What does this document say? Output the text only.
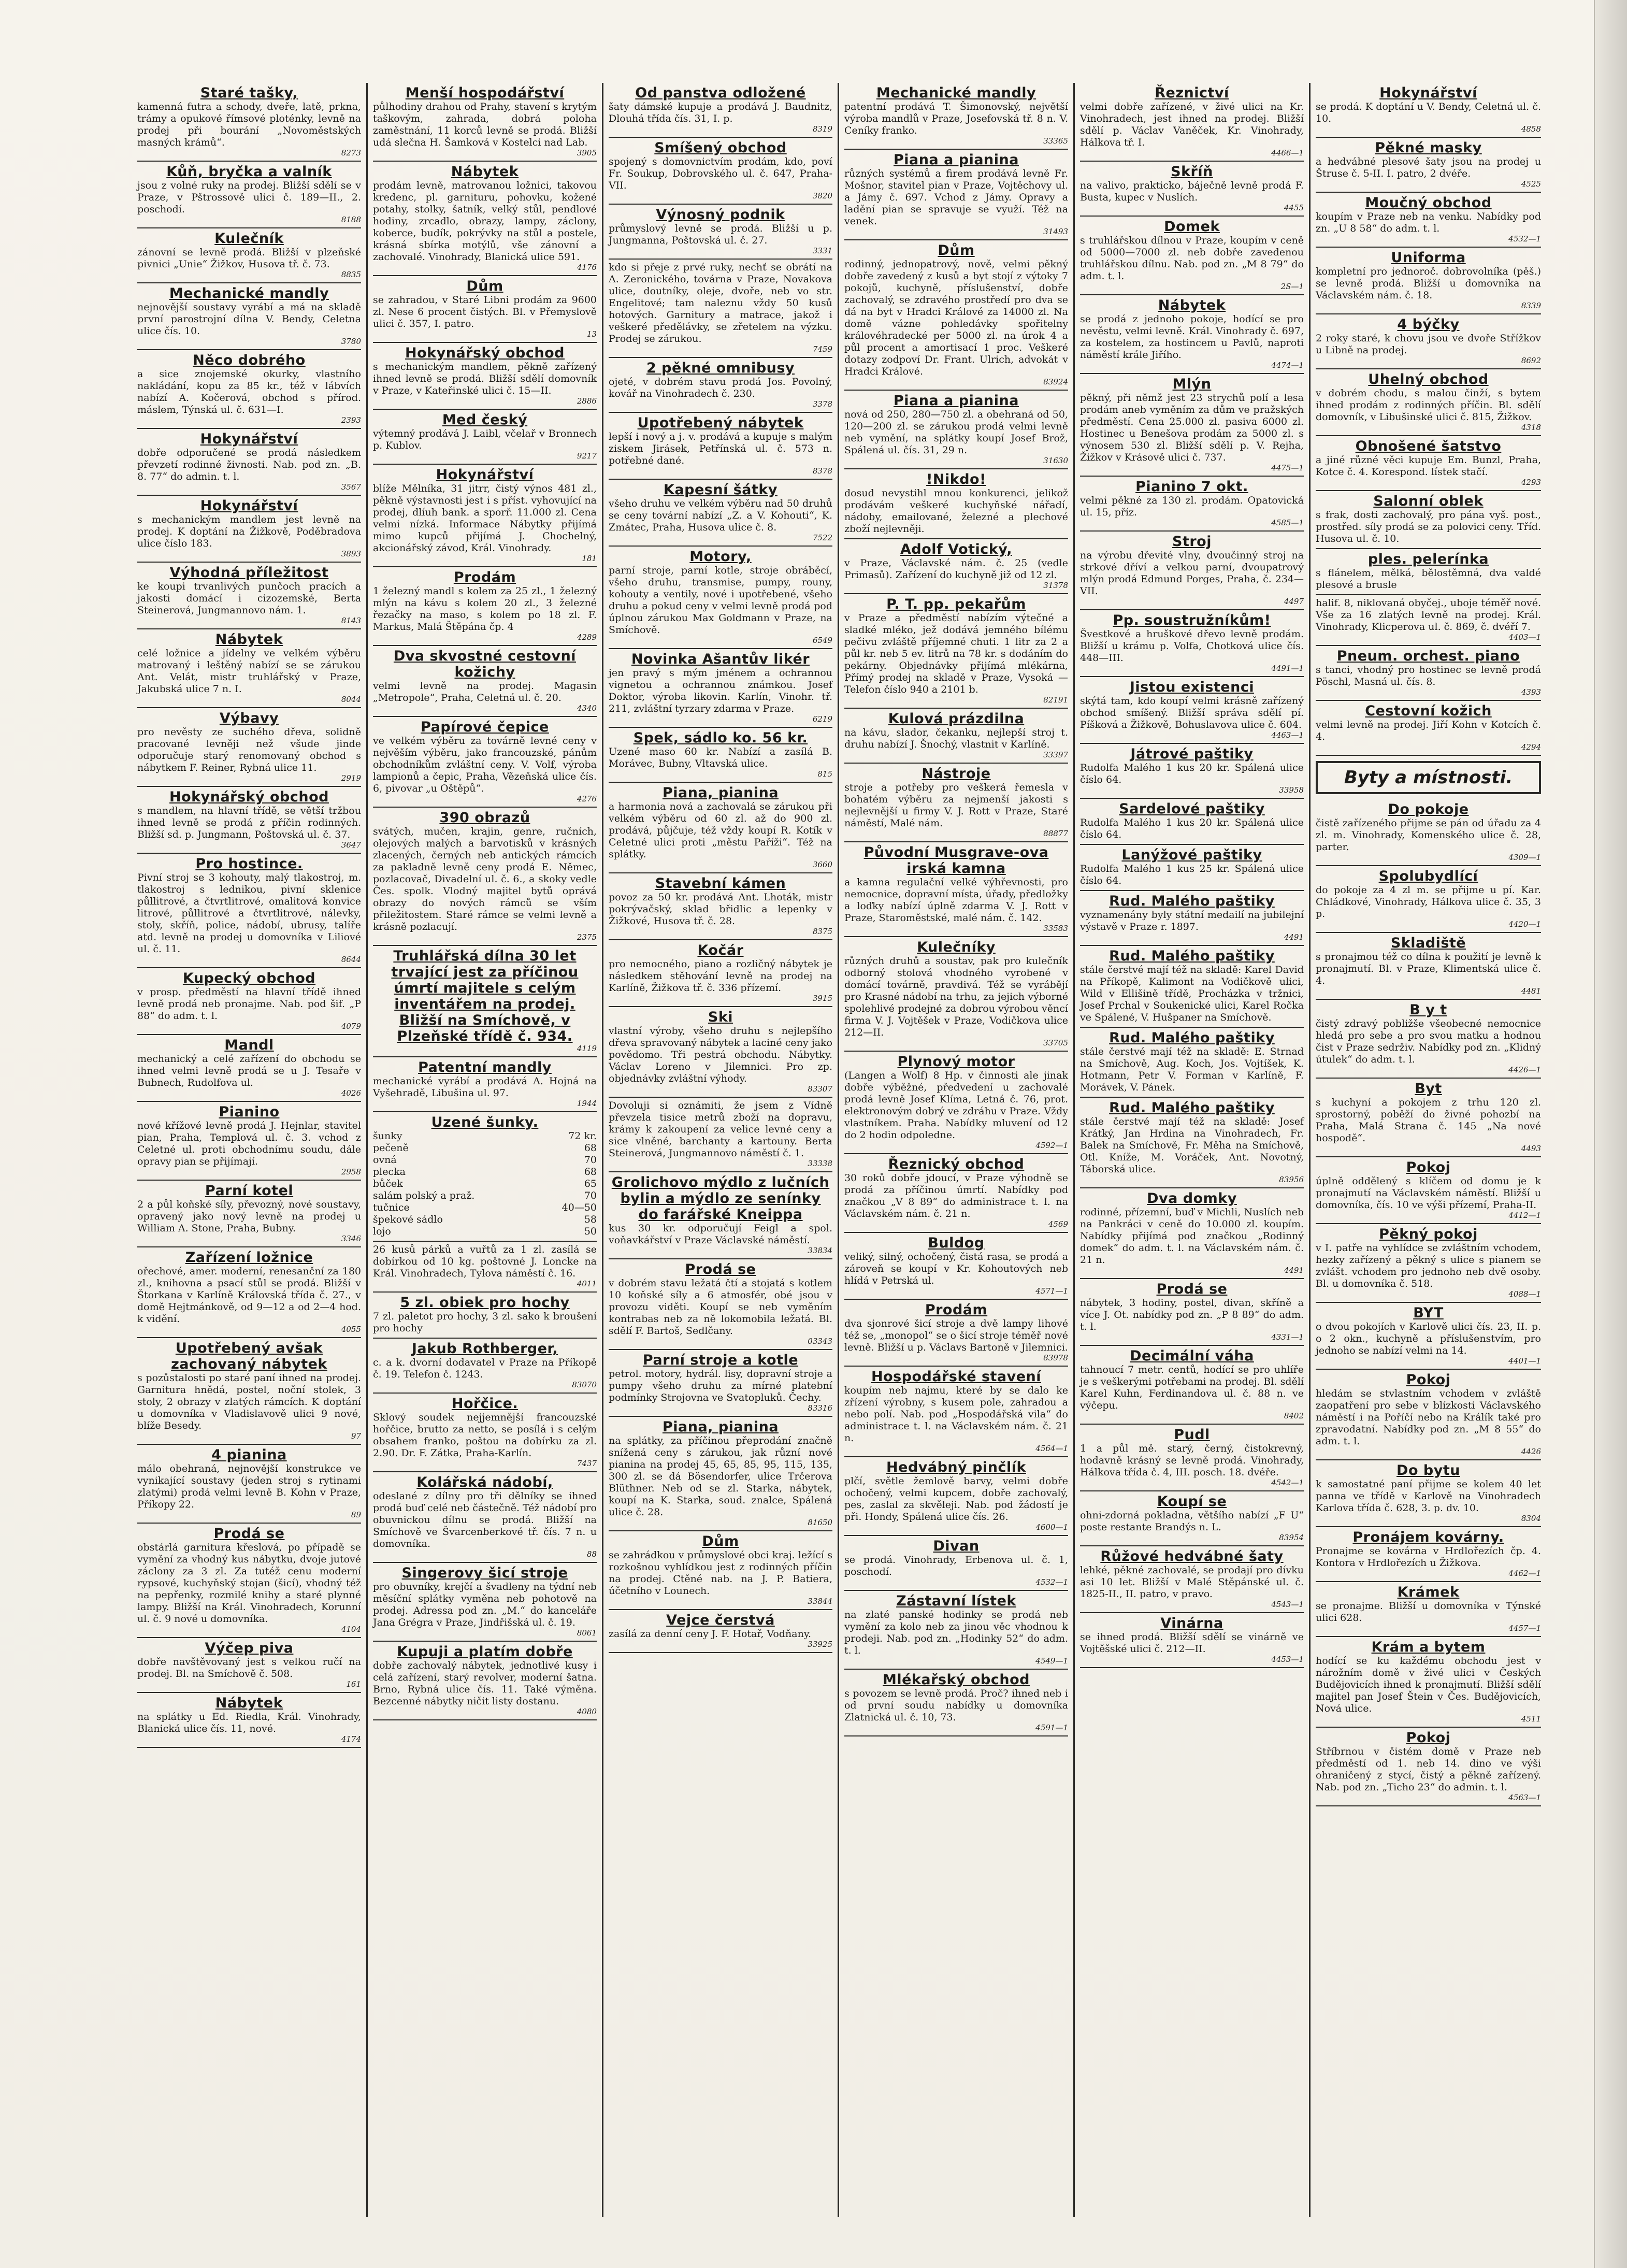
Staré tašky,
kamenná futra a schody, dveře, latě, prkna, trámy a opukové římsové ploténky, levně na prodej při bourání „Novoměstských masných krámů“.
8273
Kůň, bryčka a valník
jsou z volné ruky na prodej. Bližší sdělí se v Praze, v Pštrossově ulici č. 189—II., 2. poschodí.
8188
Kulečník
zánovní se levně prodá. Bližší v plzeňské pivnici „Unie“ Žižkov, Husova tř. č. 73.
8835
Mechanické mandly
nejnovější soustavy vyrábí a má na skladě první parostrojní dílna V. Bendy, Celetna ulice čís. 10.
3780
Něco dobrého
a sice znojemské okurky, vlastního nakládání, kopu za 85 kr., též v lábvích nabízí A. Kočerová, obchod s přírod. máslem, Týnská ul. č. 631—I.
2393
Hokynářství
dobře odporučené se prodá následkem převzetí rodinné živnosti. Nab. pod zn. „B. 8. 77“ do admin. t. l.
3567
Hokynářství
s mechanickým mandlem jest levně na prodej. K doptání na Žižkově, Poděbradova ulice číslo 183.
3893
Výhodná příležitost
ke koupi trvanlivých punčoch pracích a jakosti domácí i cizozemské, Berta Steinerová, Jungmannovo nám. 1.
8143
Nábytek
celé ložnice a jídelny ve velkém výběru matrovaný i leštěný nabízí se se zárukou Ant. Velát, mistr truhlářský v Praze, Jakubská ulice 7 n. I.
8044
Výbavy
pro nevěsty ze suchého dřeva, solidně pracované levněji než všude jinde odporučuje starý renomovaný obchod s nábytkem F. Reiner, Rybná ulice 11.
2919
Hokynářský obchod
s mandlem, na hlavní třídě, se větší tržbou ihned levně se prodá z příčin rodinných. Bližší sd. p. Jungmann, Poštovská ul. č. 37.
3647
Pro hostince.
Pivní stroj se 3 kohouty, malý tlakostroj, m. tlakostroj s lednikou, pivní sklenice půllitrové, a čtvrtlitrové, omalitová konvice litrové, půllitrové a čtvrtlitrové, nálevky, stoly, skříň, police, nádobí, ubrusy, talíře atd. levně na prodej u domovníka v Liliové ul. č. 11.
8644
Kupecký obchod
v prosp. předměstí na hlavní třídě ihned levně prodá neb pronajme. Nab. pod šif. „P 88“ do adm. t. l.
4079
Mandl
mechanický a celé zařízení do obchodu se ihned velmi levně prodá se u J. Tesaře v Bubnech, Rudolfova ul.
4026
Pianino
nové křížové levně prodá J. Hejnlar, stavitel pian, Praha, Templová ul. č. 3. vchod z Celetné ul. proti obchodnímu soudu, dále opravy pian se přijímají.
2958
Parní kotel
2 a půl koňské síly, převozný, nové soustavy, opravený jako nový levně na prodej u William A. Stone, Praha, Bubny.
3346
Zařízení ložnice
ořechové, amer. moderní, renesanční za 180 zl., knihovna a psací stůl se prodá. Bližší v Štorkana v Karlíně Královská třída č. 27., v domě Hejtmánkově, od 9—12 a od 2—4 hod. k vidění.
4055
Upotřebený avšak zachovaný nábytek
s pozůstalosti po staré paní ihned na prodej. Garnitura hnědá, postel, noční stolek, 3 stoly, 2 obrazy v zlatých rámcích. K doptání u domovníka v Vladislavově ulici 9 nové, blíže Besedy.
97
4 pianina
málo obehraná, nejnovější konstrukce ve vynikající soustavy (jeden stroj s rytinami zlatými) prodá velmi levně B. Kohn v Praze, Příkopy 22.
89
Prodá se
obstárlá garnitura křeslová, po případě se vymění za vhodný kus nábytku, dvoje jutové záclony za 3 zl. Za tutéž cenu moderní rypsové, kuchyňský stojan (šicí), vhodný též na pepřenky, rozmilé knihy a staré plynné lampy. Bližší na Král. Vinohradech, Korunní ul. č. 9 nové u domovníka.
4104
Výčep piva
dobře navštěvovaný jest s velkou ručí na prodej. Bl. na Smíchově č. 508.
161
Nábytek
na splátky u Ed. Riedla, Král. Vinohrady, Blanická ulice čís. 11, nové.
4174
Menší hospodářství
půlhodiny drahou od Prahy, stavení s krytým taškovým, zahrada, dobrá poloha zaměstnání, 11 korců levně se prodá. Bližší udá slečna H. Šamková v Kostelci nad Lab.
3905
Nábytek
prodám levně, matrovanou ložnici, takovou kredenc, pl. garnituru, pohovku, kožené potahy, stolky, šatník, velký stůl, pendlové hodiny, zrcadlo, obrazy, lampy, záclony, koberce, budík, pokrývky na stůl a postele, krásná sbírka motýlů, vše zánovní a zachovalé. Vinohrady, Blanická ulice 591.
4176
Dům
se zahradou, v Staré Libni prodám za 9600 zl. Nese 6 procent čistých. Bl. v Přemyslově ulici č. 357, I. patro.
13
Hokynářský obchod
s mechanickým mandlem, pěkně zařízený ihned levně se prodá. Bližší sdělí domovník v Praze, v Kateřinské ulici č. 15—II.
2886
Med český
výtemný prodává J. Laibl, včelař v Bronnech p. Kublov.
9217
Hokynářství
blíže Mělníka, 31 jitrr, čistý výnos 481 zl., pěkně výstavnosti jest i s příst. vyhovující na prodej, dlíuh bank. a sporř. 11.000 zl. Cena velmi nízká. Informace Nábytky přijímá mimo kupců přijímá J. Chochelný, akcionářský závod, Král. Vinohrady.
181
Prodám
1 železný mandl s kolem za 25 zl., 1 železný mlýn na kávu s kolem 20 zl., 3 železné řezačky na maso, s kolem po 18 zl. F. Markus, Malá Štěpána čp. 4
4289
Dva skvostné cestovní kožichy
velmi levně na prodej. Magasin „Metropole“, Praha, Celetná ul. č. 20.
4340
Papírové čepice
ve velkém výběru za továrně levné ceny v nejvěším výběru, jako francouzské, pánům obchodníkům zvláštní ceny. V. Volf, výroba lampionů a čepic, Praha, Vězeňská ulice čís. 6, pivovar „u Oštěpů“.
4276
390 obrazů
svátých, mučen, krajin, genre, ručních, olejových malých a barvotisků v krásných zlacených, černých neb antických rámcích za pakladně levně ceny prodá E. Němec, pozlacovač, Divadelní ul. č. 6., a skoky vedle Čes. spolk. Vlodný majitel bytů oprává obrazy do nových rámců se vším přiležitostem. Staré rámce se velmi levně a krásně pozlacují.
2375
Truhlářská dílna 30 let trvající jest za příčinou úmrtí majitele s celým inventářem na prodej. Bližší na Smíchově, v Plzeňské třídě č. 934.
4119
Patentní mandly
mechanické vyrábí a prodává A. Hojná na Vyšehradě, Libušina ul. 97.
1944
Uzené šunky.
šunky	72 kr.
pečeně	68
ovná	70
plecka	68
bůček	65
salám polský a praž.	70
tučnice	40—50
špekové sádlo	58
lojo	50
26 kusů párků a vuřtů za 1 zl. zasílá se dobírkou od 10 kg. poštovné J. Loncke na Král. Vinohradech, Tylova náměstí č. 16.
4011
5 zl. obiek pro hochy
7 zl. paletot pro hochy, 3 zl. sako k broušení pro hochy
Jakub Rothberger,
c. a k. dvorní dodavatel v Praze na Příkopě č. 19. Telefon č. 1243.
83070
Hořčice.
Sklový soudek nejjemnější francouzské hořčice, brutto za netto, se posílá i s celým obsahem franko, poštou na dobírku za zl. 2.90. Dr. F. Zátka, Praha-Karlín.
7437
Kolářská nádobí,
odeslané z dílny pro tři dělníky se ihned prodá buď celé neb částečně. Též nádobí pro obuvnickou dílnu se prodá. Bližší na Smíchově ve Švarcenberkové tř. čís. 7 n. u domovníka.
88
Singerovy šicí stroje
pro obuvníky, krejčí a švadleny na týdní neb měsíční splátky vyměna neb pohotově na prodej. Adressa pod zn. „M.“ do kanceláře Jana Grégra v Praze, Jindřišská ul. č. 19.
8061
Kupuji a platím dobře
dobře zachovalý nábytek, jednotlivé kusy i celá zařízení, starý revolver, moderní šatna. Brno, Rybná ulice čís. 11. Také výměna. Bezcenné nábytky ničit listy dostanu.
4080
Od panstva odložené
šaty dámské kupuje a prodává J. Baudnitz, Dlouhá třída čís. 31, I. p.
8319
Smíšený obchod
spojený s domovnictvím prodám, kdo, poví Fr. Soukup, Dobrovského ul. č. 647, Praha-VII.
3820
Výnosný podnik
průmyslový levně se prodá. Bližší u p. Jungmanna, Poštovská ul. č. 27.
3331
kdo si přeje z prvé ruky, nechť se obrátí na A. Zeronického, továrna v Praze, Novakova ulice, doutníky, oleje, dvoře, neb vo str. Engelitové; tam naleznu vždy 50 kusů hotových. Garnitury a matrace, jakož i veškeré předělávky, se zřetelem na výzku. Prodej se zárukou.
7459
2 pěkné omnibusy
ojeté, v dobrém stavu prodá Jos. Povolný, kovář na Vinohradech č. 230.
3378
Upotřebený nábytek
lepší i nový a j. v. prodává a kupuje s malým ziskem Jirásek, Petřínská ul. č. 573 n. potřebné dané.
8378
Kapesní šátky
všeho druhu ve velkém výběru nad 50 druhů se ceny tovární nabízí „Z. a V. Kohouti“, K. Zmátec, Praha, Husova ulice č. 8.
7522
Motory,
parní stroje, parní kotle, stroje obráběcí, všeho druhu, transmise, pumpy, rouny, kohouty a ventily, nové i upotřebené, všeho druhu a pokud ceny v velmi levně prodá pod úplnou zárukou Max Goldmann v Praze, na Smíchově.
6549
Novinka Ašantův likér
jen pravý s mým jménem a ochrannou vignetou a ochrannou známkou. Josef Doktor, výroba likovin. Karlín, Vinohr. tř. 211, zvláštní tyrzary zdarma v Praze.
6219
Spek, sádlo ko. 56 kr.
Uzené maso 60 kr. Nabízí a zasílá B. Morávec, Bubny, Vltavská ulice.
815
Piana, pianina
a harmonia nová a zachovalá se zárukou při velkém výběru od 60 zl. až do 900 zl. prodává, půjčuje, též vždy koupí R. Kotík v Celetné ulici proti „městu Paříži“. Též na splátky.
3660
Stavební kámen
povoz za 50 kr. prodává Ant. Lhoták, mistr pokrývačský, sklad břidlic a lepenky v Žižkové, Husova tř. č. 28.
8375
Kočár
pro nemocného, piano a rozličný nábytek je následkem stěhování levně na prodej na Karlíně, Žižkova tř. č. 336 přízemí.
3915
Ski
vlastní výroby, všeho druhu s nejlepšího dřeva spravovaný nábytek a laciné ceny jako povědomo. Tři pestrá obchodu. Nábytky. Václav Loreno v Jilemnici. Pro zp. objednávky zvláštní výhody.
83307
Dovoluji si oznámiti, že jsem z Vídně převzela tisice metrů zboží na dopravu, krámy k zakoupení za velice levné ceny a sice vlněné, barchanty a kartouny. Berta Steinerová, Jungmannovo náměstí č. 1.
33338
Grolichovo mýdlo z lučních bylin a mýdlo ze senínky do farářské Kneippa
kus 30 kr. odporučují Feigl a spol. voňavkářství v Praze Václavské náměstí.
33834
Prodá se
v dobrém stavu ležatá čtí a stojatá s kotlem 10 koňské síly a 6 atmosfér, obé jsou v provozu viděti. Koupí se neb vyměním kontrabas neb za ně lokomobila ležatá. Bl. sdělí F. Bartoš, Sedlčany.
03343
Parní stroje a kotle
petrol. motory, hydrál. lisy, dopravní stroje a pumpy všeho druhu za mírné platební podmínky Strojovna ve Svatopluků. Čechy.
83316
Piana, pianina
na splátky, za příčinou přeprodání značně snížená ceny s zárukou, jak různí nové pianina na prodej 45, 65, 85, 95, 115, 135, 300 zl. se dá Bösendorfer, ulice Trčerova Blüthner. Neb od se zl. Starka, nábytek, koupí na K. Starka, soud. znalce, Spálená ulice č. 28.
81650
Dům
se zahrádkou v průmyslové obci kraj. ležící s rozkošnou vyhlídkou jest z rodinných příčin na prodej. Ctěné nab. na J. P. Batiera, účetního v Lounech.
33844
Vejce čerstvá
zasílá za denní ceny J. F. Hotař, Vodňany.
33925
Mechanické mandly
patentní prodává T. Šimonovský, největší výroba mandlů v Praze, Josefovská tř. 8 n. V. Ceníky franko.
33365
Piana a pianina
různých systémů a firem prodává levně Fr. Mošnor, stavitel pian v Praze, Vojtěchovy ul. a Jámy č. 697. Vchod z Jámy. Opravy a ladění pian se spravuje se využí. Též na venek.
31493
Dům
rodinný, jednopatrový, nově, velmi pěkný dobře zavedený z kusů a byt stojí z výtoky 7 pokojů, kuchyně, příslušenství, dobře zachovalý, se zdravého prostředí pro dva se dá na byt v Hradci Králové za 14000 zl. Na domě vázne pohledávky spořitelny královéhradecké per 5000 zl. na úrok 4 a půl procent a amortisací 1 proc. Veškeré dotazy zodpoví Dr. Frant. Ulrich, advokát v Hradci Králové.
83924
Piana a pianina
nová od 250, 280—750 zl. a obehraná od 50, 120—200 zl. se zárukou prodá velmi levně neb vymění, na splátky koupí Josef Brož, Spálená ul. čís. 31, 29 n.
31630
!Nikdo!
dosud nevystihl mnou konkurenci, jelikož prodávám veškeré kuchyňské nářadí, nádoby, emailované, železné a plechové zboží nejlevněji.
Adolf Votický,
v Praze, Václavské nám. č. 25 (vedle Primasů). Zařízení do kuchyně již od 12 zl.
31378
P. T. pp. pekařům
v Praze a předměstí nabízím výtečné a sladké mléko, jež dodává jemného bílému pečivu zvláště příjemné chuti. 1 litr za 2 a půl kr. neb 5 ev. litrů na 78 kr. s dodáním do pekárny. Objednávky přijímá mlékárna, Přímý prodej na skladě v Praze, Vysoká — Telefon číslo 940 a 2101 b.
82191
Kulová prázdilna
na kávu, slador, čekanku, nejlepší stroj t. druhu nabízí J. Šnochý, vlastnit v Karlíně.
33397
Nástroje
stroje a potřeby pro veškerá řemesla v bohatém výběru za nejmenší jakosti s nejlevnější u firmy V. J. Rott v Praze, Staré náměstí, Malé nám.
88877
Původní Musgrave-ova irská kamna
a kamna regulační velké výhřevnosti, pro nemocnice, dopravní místa, úřady, předložky a loďky nabízí úplně zdarma V. J. Rott v Praze, Staroměstské, malé nám. č. 142.
33583
Kulečníky
různých druhů a soustav, pak pro kulečník odborný stolová vhodného vyrobené v domácí továrně, pravdivá. Též se vyrábějí pro Krasné nádobí na trhu, za jejich výborné spolehlivé prodejné za dobrou výrobou věncí firma V. J. Vojtěšek v Praze, Vodičkova ulice 212—II.
33705
Plynový motor
(Langen a Wolf) 8 Hp. v činnosti ale jinak dobře výběžné, předvedení u zachovalé prodá levně Josef Klíma, Letná č. 76, prot. elektronovým dobrý ve zdráhu v Praze. Vždy vlastníkem. Praha. Nabídky mluvení od 12 do 2 hodin odpoledne.
4592—1
Řeznický obchod
30 roků dobře jdoucí, v Praze výhodně se prodá za příčinou úmrtí. Nabídky pod značkou „V 8 89“ do administrace t. l. na Václavském nám. č. 21 n.
4569
Buldog
veliký, silný, ochočený, čistá rasa, se prodá a zároveň se koupí v Kr. Kohoutových neb hlídá v Petrská ul.
4571—1
Prodám
dva sjonrové šicí stroje a dvě lampy lihové též se, „monopol“ se o šicí stroje téměř nové levně. Bližší u p. Václavs Bartoně v Jilemnici.
83978
Hospodářské stavení
koupím neb najmu, které by se dalo ke zřízení výrobny, s kusem pole, zahradou a nebo polí. Nab. pod „Hospodářská vila“ do administrace t. l. na Václavském nám. č. 21 n.
4564—1
Hedvábný pinčlík
plčí, světle žemlově barvy, velmi dobře ochočený, velmi kupcem, dobře zachovalý, pes, zaslal za skvěleji. Nab. pod žádostí je při. Hondy, Spálená ulice čís. 26.
4600—1
Divan
se prodá. Vinohrady, Erbenova ul. č. 1, poschodí.
4532—1
Zástavní lístek
na zlaté panské hodinky se prodá neb vymění za kolo neb za jinou věc vhodnou k prodeji. Nab. pod zn. „Hodinky 52“ do adm. t. l.
4549—1
Mlékařský obchod
s povozem se levně prodá. Proč? ihned neb i od první soudu nabídky u domovníka Zlatnická ul. č. 10, 73.
4591—1
Řeznictví
velmi dobře zařízené, v živé ulici na Kr. Vinohradech, jest ihned na prodej. Bližší sdělí p. Václav Vaněček, Kr. Vinohrady, Hálkova tř. I.
4466—1
Skříň
na valivo, prakticko, báječně levně prodá F. Busta, kupec v Nuslích.
4455
Domek
s truhlářskou dílnou v Praze, koupím v ceně od 5000—7000 zl. neb dobře zavedenou truhlářskou dílnu. Nab. pod zn. „M 8 79“ do adm. t. l.
2S—1
Nábytek
se prodá z jednoho pokoje, hodící se pro nevěstu, velmi levně. Král. Vinohrady č. 697, za kostelem, za hostincem u Pavlů, naproti náměstí krále Jiřího.
4474—1
Mlýn
pěkný, při němž jest 23 strychů polí a lesa prodám aneb vyměním za dům ve pražských předměstí. Cena 25.000 zl. pasiva 6000 zl. Hostinec u Benešova prodám za 5000 zl. s výnosem 530 zl. Bližší sdělí p. V. Rejha, Žižkov v Krásově ulici č. 737.
4475—1
Pianino 7 okt.
velmi pěkné za 130 zl. prodám. Opatovická ul. 15, příz.
4585—1
Stroj
na výrobu dřevité vlny, dvoučinný stroj na strkové dříví a velkou parní, dvoupatrový mlýn prodá Edmund Porges, Praha, č. 234—VII.
4497
Pp. soustružníkům!
Švestkové a hruškové dřevo levně prodám. Bližší u krámu p. Volfa, Chotková ulice čís. 448—III.
4491—1
Jistou existenci
skýtá tam, kdo koupí velmi krásně zařízený obchod smíšený. Bližší správa sdělí pí. Píšková a Žižkově, Bohuslavova ulice č. 604.
4463—1
Játrové paštiky
Rudolfa Malého 1 kus 20 kr. Spálená ulice číslo 64.
33958
Sardelové paštiky
Rudolfa Malého 1 kus 20 kr. Spálená ulice číslo 64.
Lanýžové paštiky
Rudolfa Malého 1 kus 25 kr. Spálená ulice číslo 64.
Rud. Malého paštiky
vyznamenány byly státní medailí na jubilejní výstavě v Praze r. 1897.
4491
Rud. Malého paštiky
stále čerstvé mají též na skladě: Karel David na Příkopě, Kalimont na Vodičkově ulici, Wild v Ellišině třídě, Procházka v tržnici, Josef Prchal v Soukenické ulici, Karel Ročka ve Spálené, V. Hušpaner na Smíchově.
Rud. Malého paštiky
stále čerstvé mají též na skladě: E. Strnad na Smíchově, Aug. Koch, Jos. Vojtíšek, K. Hotmann, Petr V. Forman v Karlíně, F. Morávek, V. Pánek.
Rud. Malého paštiky
stále čerstvé mají též na skladě: Josef Krátký, Jan Hrdina na Vinohradech, Fr. Balek na Smíchově, Fr. Měha na Smíchově, Otl. Kníže, M. Voráček, Ant. Novotný, Táborská ulice.
83956
Dva domky
rodinné, přízemní, buď v Michli, Nuslích neb na Pankráci v ceně do 10.000 zl. koupím. Nabídky přijímá pod značkou „Rodinný domek“ do adm. t. l. na Václavském nám. č. 21 n.
4491
Prodá se
nábytek, 3 hodiny, postel, divan, skříně a více J. Ot. nabídky pod zn. „P 8 89“ do adm. t. l.
4331—1
Decimální váha
tahnoucí 7 metr. centů, hodící se pro uhlíře je s veškerými potřebami na prodej. Bl. sdělí Karel Kuhn, Ferdinandova ul. č. 88 n. ve výčepu.
8402
Pudl
1 a půl mě. starý, černý, čistokrevný, hodavně krásný se levně prodá. Vinohrady, Hálkova třída č. 4, III. posch. 18. dvéře.
4542—1
Koupí se
ohni-zdorná pokladna, většího nabízí „F U“ poste restante Brandýs n. L.
83954
Růžové hedvábné šaty
lehké, pěkné zachovalé, se prodají pro dívku asi 10 let. Bližší v Malé Stěpánské ul. č. 1825-II., II. patro, v pravo.
4543—1
Vinárna
se ihned prodá. Bližší sdělí se vinárně ve Vojtěšské ulici č. 212—II.
4453—1
Hokynářství
se prodá. K doptání u V. Bendy, Celetná ul. č. 10.
4858
Pěkné masky
a hedvábné plesové šaty jsou na prodej u Štruse č. 5-II. I. patro, 2 dvéře.
4525
Moučný obchod
koupím v Praze neb na venku. Nabídky pod zn. „U 8 58“ do adm. t. l.
4532—1
Uniforma
kompletní pro jednoroč. dobrovolníka (pěš.) se levně prodá. Bližší u domovníka na Václavském nám. č. 18.
8339
4 býčky
2 roky staré, k chovu jsou ve dvoře Střížkov u Libně na prodej.
8692
Uhelný obchod
v dobrém chodu, s malou činží, s bytem ihned prodám z rodinných příčin. Bl. sdělí domovník, v Libušinské ulici č. 815, Žižkov.
4318
Obnošené šatstvo
a jiné různé věci kupuje Em. Bunzl, Praha, Kotce č. 4. Korespond. lístek stačí.
4293
Salonní oblek
s frak, dosti zachovalý, pro pána vyš. post., prostřed. síly prodá se za polovici ceny. Tříd. Husova ul. č. 10.
ples. pelerínka
s flánelem, mělká, bělostěmná, dva valdé plesové a brusle
halif. 8, niklovaná obyčej., uboje téměř nové. Vše za 16 zlatých levně na prodej. Král. Vinohrady, Klicperova ul. č. 869, č. dvéří 7.
4403—1
Pneum. orchest. piano
s tanci, vhodný pro hostinec se levně prodá Pöschl, Masná ul. čís. 8.
4393
Cestovní kožich
velmi levně na prodej. Jiří Kohn v Kotcích č. 4.
4294
Byty a místnosti.
Do pokoje
čistě zařízeného přijme se pán od úřadu za 4 zl. m. Vinohrady, Komenského ulice č. 28, parter.
4309—1
Spolubydlící
do pokoje za 4 zl m. se přijme u pí. Kar. Chládkové, Vinohrady, Hálkova ulice č. 35, 3 p.
4420—1
Skladiště
s pronajmou též co dílna k použití je levně k pronajmutí. Bl. v Praze, Klimentská ulice č. 4.
4481
B y t
čistý zdravý pobližše všeobecné nemocnice hledá pro sebe a pro svou matku a hodnou čist v Praze sedrživ. Nabídky pod zn. „Klidný útulek“ do adm. t. l.
4426—1
Byt
s kuchyní a pokojem z trhu 120 zl. sprostorný, poběží do živné pohozbí na Praha, Malá Strana č. 145 „Na nové hospodě“.
4493
Pokoj
úplně oddělený s klíčem od domu je k pronajmutí na Václavském náměstí. Bližší u domovníka, čís. 10 ve výši přízemí, Praha-II.
4412—1
Pěkný pokoj
v I. patře na vyhlídce se zvláštním vchodem, hezky zařízený a pěkný s ulice s pianem se zvlášt. vchodem pro jednoho neb dvě osoby. Bl. u domovníka č. 518.
4088—1
BYT
o dvou pokojích v Karlově ulici čís. 23, II. p. o 2 okn., kuchyně a příslušenstvím, pro jednoho se nabízí velmi na 14.
4401—1
Pokoj
hledám se stvlastním vchodem v zvláště zaopatření pro sebe v blízkosti Václavského náměstí i na Poříčí nebo na Králík také pro zpravodatní. Nabídky pod zn. „M 8 55“ do adm. t. l.
4426
Do bytu
k samostatné paní přijme se kolem 40 let panna ve třídě v Karlově na Vinohradech Karlova třída č. 628, 3. p. dv. 10.
8304
Pronájem kovárny.
Pronajme se kovárna v Hrdlořezích čp. 4. Kontora v Hrdlořezích u Žižkova.
4462—1
Krámek
se pronajme. Bližší u domovníka v Týnské ulici 628.
4457—1
Krám a bytem
hodící se ku každému obchodu jest v nárožním domě v živé ulici v Českých Budějovicích ihned k pronajmutí. Bližší sdělí majitel pan Josef Štein v Čes. Budějovicích, Nová ulice.
4511
Pokoj
Stříbrnou v čistém domě v Praze neb předměstí od 1. neb 14. dino ve výši ohraničený z stycí, čistý a pěkně zařízený. Nab. pod zn. „Ticho 23“ do admin. t. l.
4563—1
